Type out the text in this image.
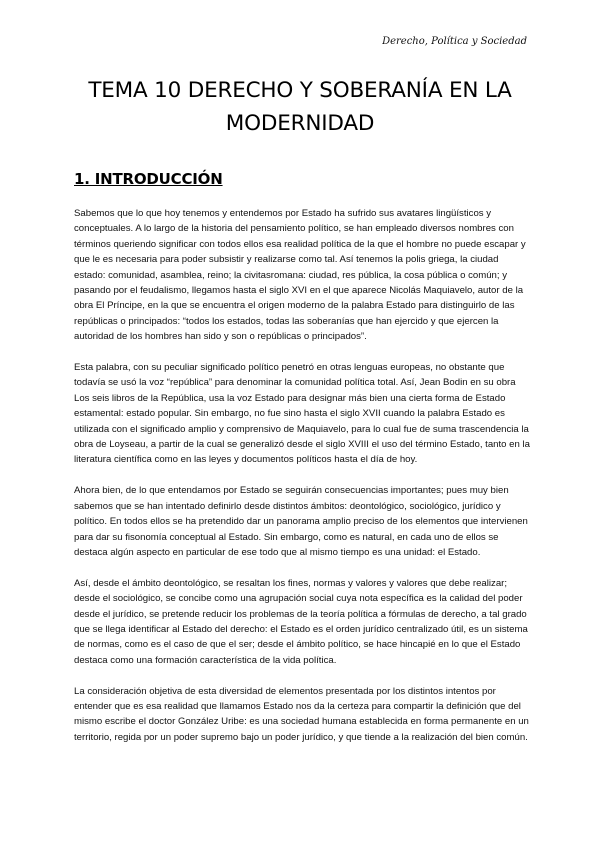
Derecho, Política y Sociedad
TEMA 10 DERECHO Y SOBERANÍA EN LA MODERNIDAD
1. INTRODUCCIÓN

Sabemos que lo que hoy tenemos y entendemos por Estado ha sufrido sus avatares lingüísticos y conceptuales. A lo largo de la historia del pensamiento político, se han empleado diversos nombres con términos queriendo significar con todos ellos esa realidad política de la que el hombre no puede escapar y que le es necesaria para poder subsistir y realizarse como tal. Así tenemos la polis griega, la ciudad estado: comunidad, asamblea, reino; la civitasromana: ciudad, res pública, la cosa pública o común; y pasando por el feudalismo, llegamos hasta el siglo XVI en el que aparece Nicolás Maquiavelo, autor de la obra El Príncipe, en la que se encuentra el origen moderno de la palabra Estado para distinguirlo de las repúblicas o principados: “todos los estados, todas las soberanías que han ejercido y que ejercen la autoridad de los hombres han sido y son o repúblicas o principados”.

Esta palabra, con su peculiar significado político penetró en otras lenguas europeas, no obstante que todavía se usó la voz “república” para denominar la comunidad política total. Así, Jean Bodin en su obra Los seis libros de la República, usa la voz Estado para designar más bien una cierta forma de Estado estamental: estado popular. Sin embargo, no fue sino hasta el siglo XVII cuando la palabra Estado es utilizada con el significado amplio y comprensivo de Maquiavelo, para lo cual fue de suma trascendencia la obra de Loyseau, a partir de la cual se generalizó desde el siglo XVIII el uso del término Estado, tanto en la literatura científica como en las leyes y documentos políticos hasta el día de hoy.

Ahora bien, de lo que entendamos por Estado se seguirán consecuencias importantes; pues muy bien sabemos que se han intentado definirlo desde distintos ámbitos: deontológico, sociológico, jurídico y político. En todos ellos se ha pretendido dar un panorama amplio preciso de los elementos que intervienen para dar su fisonomía conceptual al Estado. Sin embargo, como es natural, en cada uno de ellos se destaca algún aspecto en particular de ese todo que al mismo tiempo es una unidad: el Estado.

Así, desde el ámbito deontológico, se resaltan los fines, normas y valores y valores que debe realizar; desde el sociológico, se concibe como una agrupación social cuya nota específica es la calidad del poder desde el jurídico, se pretende reducir los problemas de la teoría política a fórmulas de derecho, a tal grado que se llega identificar al Estado del derecho: el Estado es el orden jurídico centralizado útil, es un sistema de normas, como es el caso de que el ser; desde el ámbito político, se hace hincapié en lo que el Estado destaca como una formación característica de la vida política.

La consideración objetiva de esta diversidad de elementos presentada por los distintos intentos por entender que es esa realidad que llamamos Estado nos da la certeza para compartir la definición que del mismo escribe el doctor González Uribe: es una sociedad humana establecida en forma permanente en un territorio, regida por un poder supremo bajo un poder jurídico, y que tiende a la realización del bien común.
